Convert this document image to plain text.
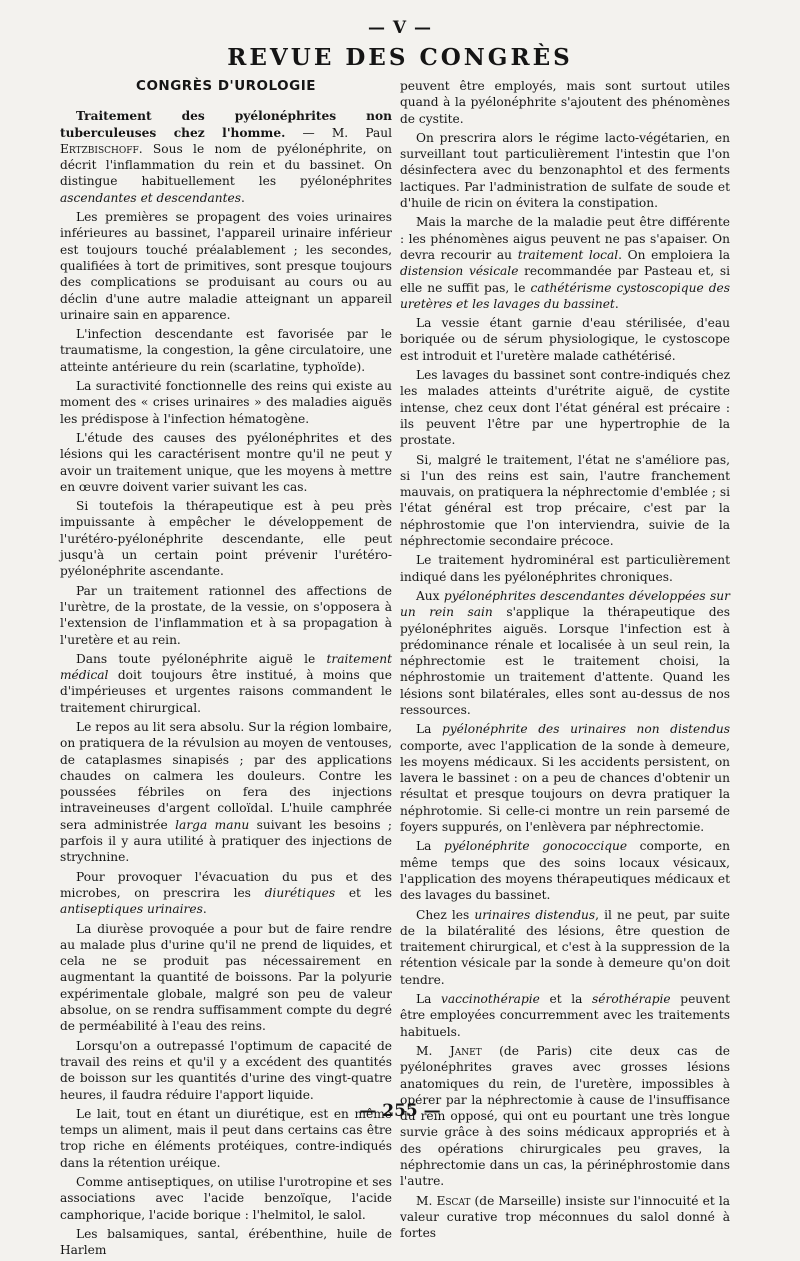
— V —
REVUE DES CONGRÈS
CONGRÈS D'UROLOGIE

Traitement des pyélonéphrites non tuberculeuses chez l'homme. — M. Paul Ertzbischoff. Sous le nom de pyélonéphrite, on décrit l'inflammation du rein et du bassinet. On distingue habituellement les pyélonéphrites ascendantes et descendantes.

Les premières se propagent des voies urinaires inférieures au bassinet, l'appareil urinaire inférieur est toujours touché préalablement ; les secondes, qualifiées à tort de primitives, sont presque toujours des complications se produisant au cours ou au déclin d'une autre maladie atteignant un appareil urinaire sain en apparence.

L'infection descendante est favorisée par le traumatisme, la congestion, la gêne circulatoire, une atteinte antérieure du rein (scarlatine, typhoïde).

La suractivité fonctionnelle des reins qui existe au moment des « crises urinaires » des maladies aiguës les prédispose à l'infection hématogène.

L'étude des causes des pyélonéphrites et des lésions qui les caractérisent montre qu'il ne peut y avoir un traitement unique, que les moyens à mettre en œuvre doivent varier suivant les cas.

Si toutefois la thérapeutique est à peu près impuissante à empêcher le développement de l'urétéro-pyélonéphrite descendante, elle peut jusqu'à un certain point prévenir l'urétéro-pyélonéphrite ascendante.

Par un traitement rationnel des affections de l'urètre, de la prostate, de la vessie, on s'opposera à l'extension de l'inflammation et à sa propagation à l'uretère et au rein.

Dans toute pyélonéphrite aiguë le traitement médical doit toujours être institué, à moins que d'impérieuses et urgentes raisons commandent le traitement chirurgical.

Le repos au lit sera absolu. Sur la région lombaire, on pratiquera de la révulsion au moyen de ventouses, de cataplasmes sinapisés ; par des applications chaudes on calmera les douleurs. Contre les poussées fébriles on fera des injections intraveineuses d'argent colloïdal. L'huile camphrée sera administrée larga manu suivant les besoins ; parfois il y aura utilité à pratiquer des injections de strychnine.

Pour provoquer l'évacuation du pus et des microbes, on prescrira les diurétiques et les antiseptiques urinaires.

La diurèse provoquée a pour but de faire rendre au malade plus d'urine qu'il ne prend de liquides, et cela ne se produit pas nécessairement en augmentant la quantité de boissons. Par la polyurie expérimentale globale, malgré son peu de valeur absolue, on se rendra suffisamment compte du degré de perméabilité à l'eau des reins.

Lorsqu'on a outrepassé l'optimum de capacité de travail des reins et qu'il y a excédent des quantités de boisson sur les quantités d'urine des vingt-quatre heures, il faudra réduire l'apport liquide.

Le lait, tout en étant un diurétique, est en même temps un aliment, mais il peut dans certains cas être trop riche en éléments protéiques, contre-indiqués dans la rétention uréique.

Comme antiseptiques, on utilise l'urotropine et ses associations avec l'acide benzoïque, l'acide camphorique, l'acide borique : l'helmitol, le salol.

Les balsamiques, santal, érébenthine, huile de Harlem

peuvent être employés, mais sont surtout utiles quand à la pyélonéphrite s'ajoutent des phénomènes de cystite.

On prescrira alors le régime lacto-végétarien, en surveillant tout particulièrement l'intestin que l'on désinfectera avec du benzonaphtol et des ferments lactiques. Par l'administration de sulfate de soude et d'huile de ricin on évitera la constipation.

Mais la marche de la maladie peut être différente : les phénomènes aigus peuvent ne pas s'apaiser. On devra recourir au traitement local. On emploiera la distension vésicale recommandée par Pasteau et, si elle ne suffit pas, le cathétérisme cystoscopique des uretères et les lavages du bassinet.

La vessie étant garnie d'eau stérilisée, d'eau boriquée ou de sérum physiologique, le cystoscope est introduit et l'uretère malade cathétérisé.

Les lavages du bassinet sont contre-indiqués chez les malades atteints d'urétrite aiguë, de cystite intense, chez ceux dont l'état général est précaire : ils peuvent l'être par une hypertrophie de la prostate.

Si, malgré le traitement, l'état ne s'améliore pas, si l'un des reins est sain, l'autre franchement mauvais, on pratiquera la néphrectomie d'emblée ; si l'état général est trop précaire, c'est par la néphrostomie que l'on interviendra, suivie de la néphrectomie secondaire précoce.

Le traitement hydrominéral est particulièrement indiqué dans les pyélonéphrites chroniques.

Aux pyélonéphrites descendantes développées sur un rein sain s'applique la thérapeutique des pyélonéphrites aiguës. Lorsque l'infection est à prédominance rénale et localisée à un seul rein, la néphrectomie est le traitement choisi, la néphrostomie un traitement d'attente. Quand les lésions sont bilatérales, elles sont au-dessus de nos ressources.

La pyélonéphrite des urinaires non distendus comporte, avec l'application de la sonde à demeure, les moyens médicaux. Si les accidents persistent, on lavera le bassinet : on a peu de chances d'obtenir un résultat et presque toujours on devra pratiquer la néphrotomie. Si celle-ci montre un rein parsemé de foyers suppurés, on l'enlèvera par néphrectomie.

La pyélonéphrite gonococcique comporte, en même temps que des soins locaux vésicaux, l'application des moyens thérapeutiques médicaux et des lavages du bassinet.

Chez les urinaires distendus, il ne peut, par suite de la bilatéralité des lésions, être question de traitement chirurgical, et c'est à la suppression de la rétention vésicale par la sonde à demeure qu'on doit tendre.

La vaccinothérapie et la sérothérapie peuvent être employées concurremment avec les traitements habituels.

M. Janet (de Paris) cite deux cas de pyélonéphrites graves avec grosses lésions anatomiques du rein, de l'uretère, impossibles à opérer par la néphrectomie à cause de l'insuffisance du rein opposé, qui ont eu pourtant une très longue survie grâce à des soins médicaux appropriés et à des opérations chirurgicales peu graves, la néphrectomie dans un cas, la périnéphrostomie dans l'autre.

M. Escat (de Marseille) insiste sur l'innocuité et la valeur curative trop méconnues du salol donné à fortes

— 255 —
